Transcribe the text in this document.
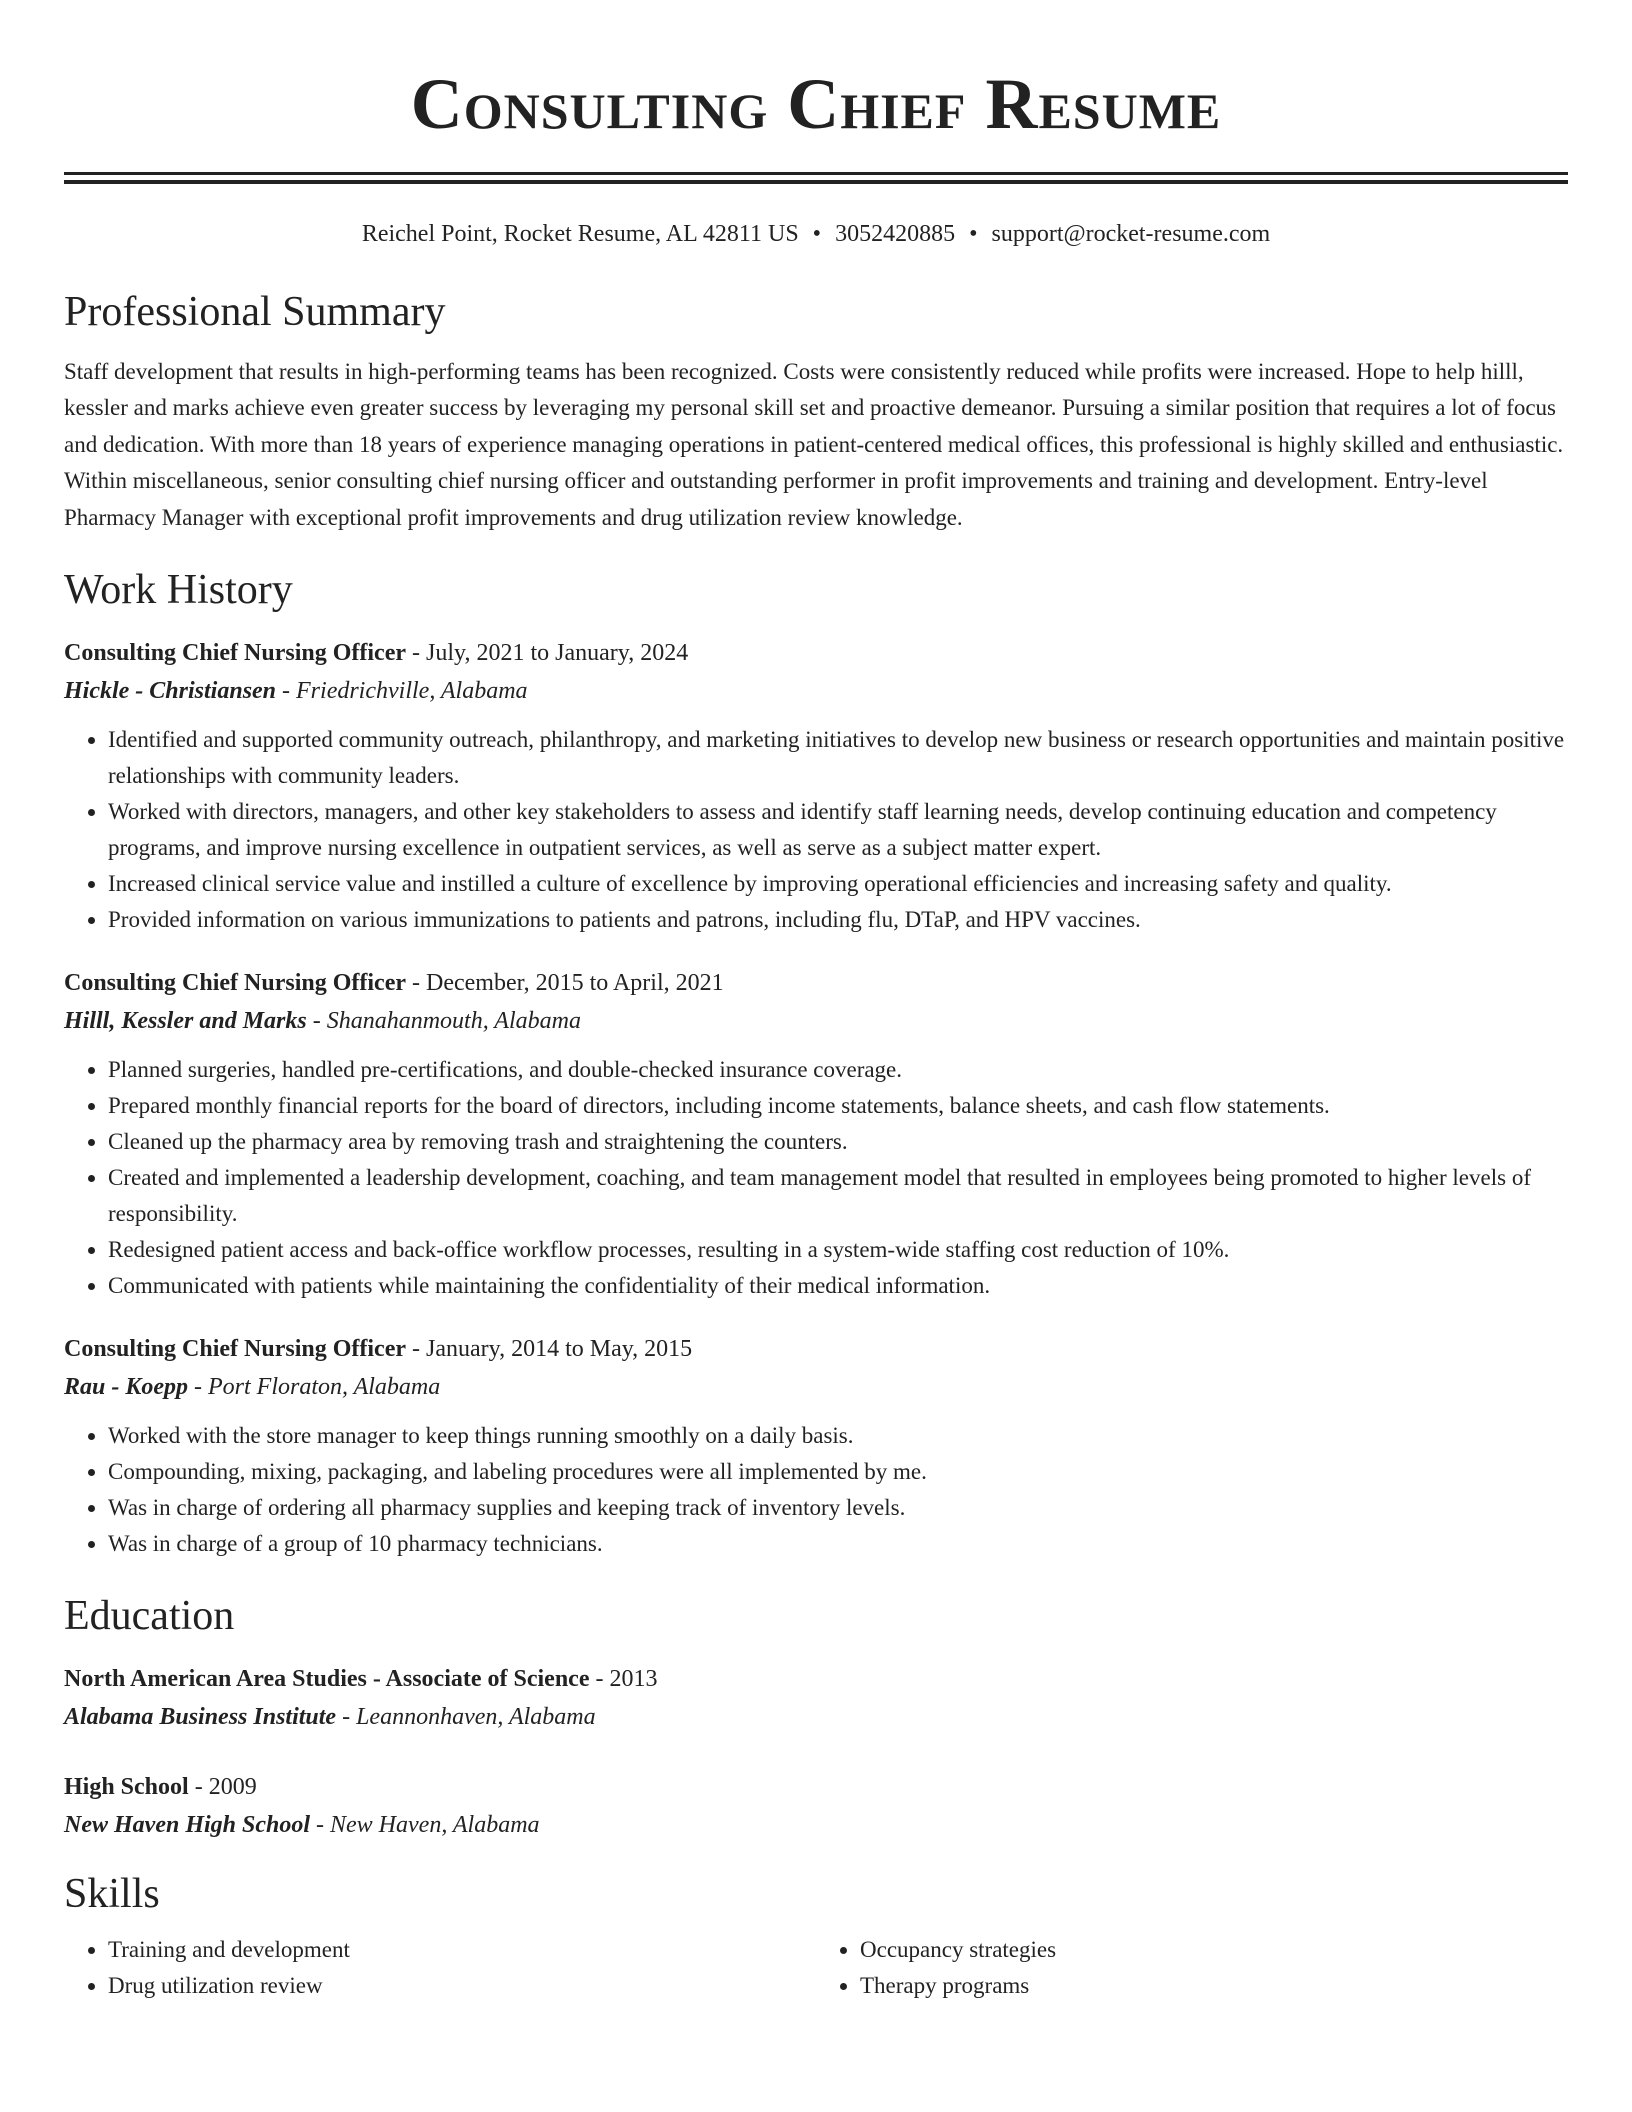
Consulting Chief Resume
Reichel Point, Rocket Resume, AL 42811 US • 3052420885 • support@rocket-resume.com
Professional Summary
Staff development that results in high-performing teams has been recognized. Costs were consistently reduced while profits were increased. Hope to help hilll, kessler and marks achieve even greater success by leveraging my personal skill set and proactive demeanor. Pursuing a similar position that requires a lot of focus and dedication. With more than 18 years of experience managing operations in patient-centered medical offices, this professional is highly skilled and enthusiastic. Within miscellaneous, senior consulting chief nursing officer and outstanding performer in profit improvements and training and development. Entry-level Pharmacy Manager with exceptional profit improvements and drug utilization review knowledge.
Work History
Consulting Chief Nursing Officer - July, 2021 to January, 2024
Hickle - Christiansen - Friedrichville, Alabama
• Identified and supported community outreach, philanthropy, and marketing initiatives to develop new business or research opportunities and maintain positive relationships with community leaders.
• Worked with directors, managers, and other key stakeholders to assess and identify staff learning needs, develop continuing education and competency programs, and improve nursing excellence in outpatient services, as well as serve as a subject matter expert.
• Increased clinical service value and instilled a culture of excellence by improving operational efficiencies and increasing safety and quality.
• Provided information on various immunizations to patients and patrons, including flu, DTaP, and HPV vaccines.
Consulting Chief Nursing Officer - December, 2015 to April, 2021
Hilll, Kessler and Marks - Shanahanmouth, Alabama
• Planned surgeries, handled pre-certifications, and double-checked insurance coverage.
• Prepared monthly financial reports for the board of directors, including income statements, balance sheets, and cash flow statements.
• Cleaned up the pharmacy area by removing trash and straightening the counters.
• Created and implemented a leadership development, coaching, and team management model that resulted in employees being promoted to higher levels of responsibility.
• Redesigned patient access and back-office workflow processes, resulting in a system-wide staffing cost reduction of 10%.
• Communicated with patients while maintaining the confidentiality of their medical information.
Consulting Chief Nursing Officer - January, 2014 to May, 2015
Rau - Koepp - Port Floraton, Alabama
• Worked with the store manager to keep things running smoothly on a daily basis.
• Compounding, mixing, packaging, and labeling procedures were all implemented by me.
• Was in charge of ordering all pharmacy supplies and keeping track of inventory levels.
• Was in charge of a group of 10 pharmacy technicians.
Education
North American Area Studies - Associate of Science - 2013
Alabama Business Institute - Leannonhaven, Alabama
High School - 2009
New Haven High School - New Haven, Alabama
Skills
• Training and development
• Drug utilization review
• Occupancy strategies
• Therapy programs
